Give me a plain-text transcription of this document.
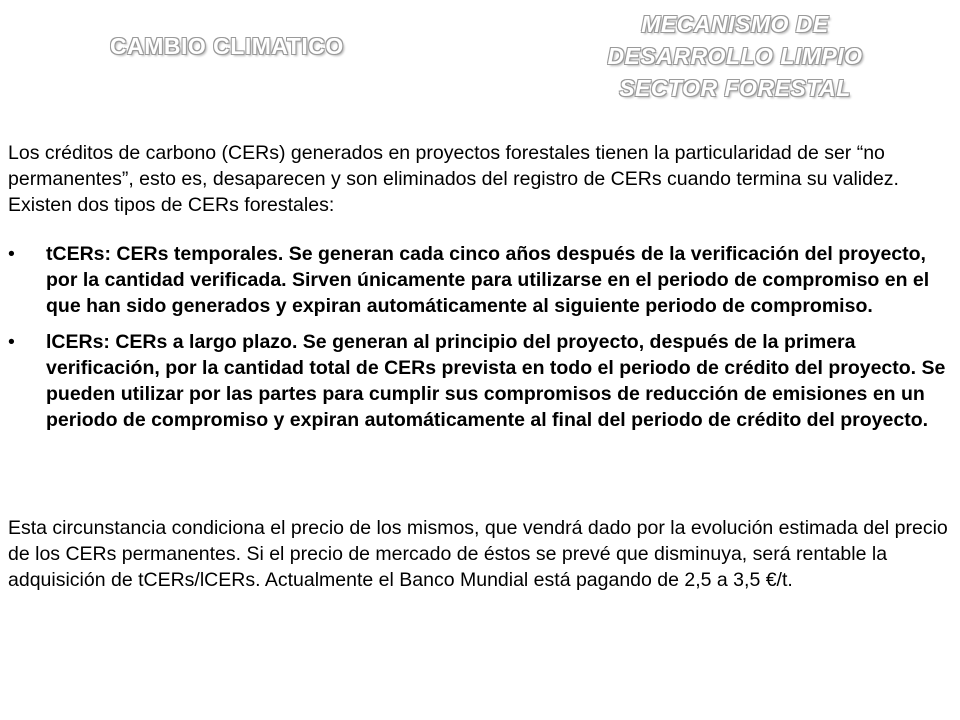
CAMBIO CLIMATICO
MECANISMO DE
DESARROLLO LIMPIO
SECTOR FORESTAL

Los créditos de carbono (CERs) generados en proyectos forestales tienen la particularidad de ser “no permanentes”, esto es, desaparecen y son eliminados del registro de CERs cuando termina su validez. Existen dos tipos de CERs forestales:

• tCERs: CERs temporales. Se generan cada cinco años después de la verificación del proyecto, por la cantidad verificada. Sirven únicamente para utilizarse en el periodo de compromiso en el que han sido generados y expiran automáticamente al siguiente periodo de compromiso.
• lCERs: CERs a largo plazo. Se generan al principio del proyecto, después de la primera verificación, por la cantidad total de CERs prevista en todo el periodo de crédito del proyecto. Se pueden utilizar por las partes para cumplir sus compromisos de reducción de emisiones en un periodo de compromiso y expiran automáticamente al final del periodo de crédito del proyecto.

Esta circunstancia condiciona el precio de los mismos, que vendrá dado por la evolución estimada del precio de los CERs permanentes. Si el precio de mercado de éstos se prevé que disminuya, será rentable la adquisición de tCERs/lCERs. Actualmente el Banco Mundial está pagando de 2,5 a 3,5 €/t.
